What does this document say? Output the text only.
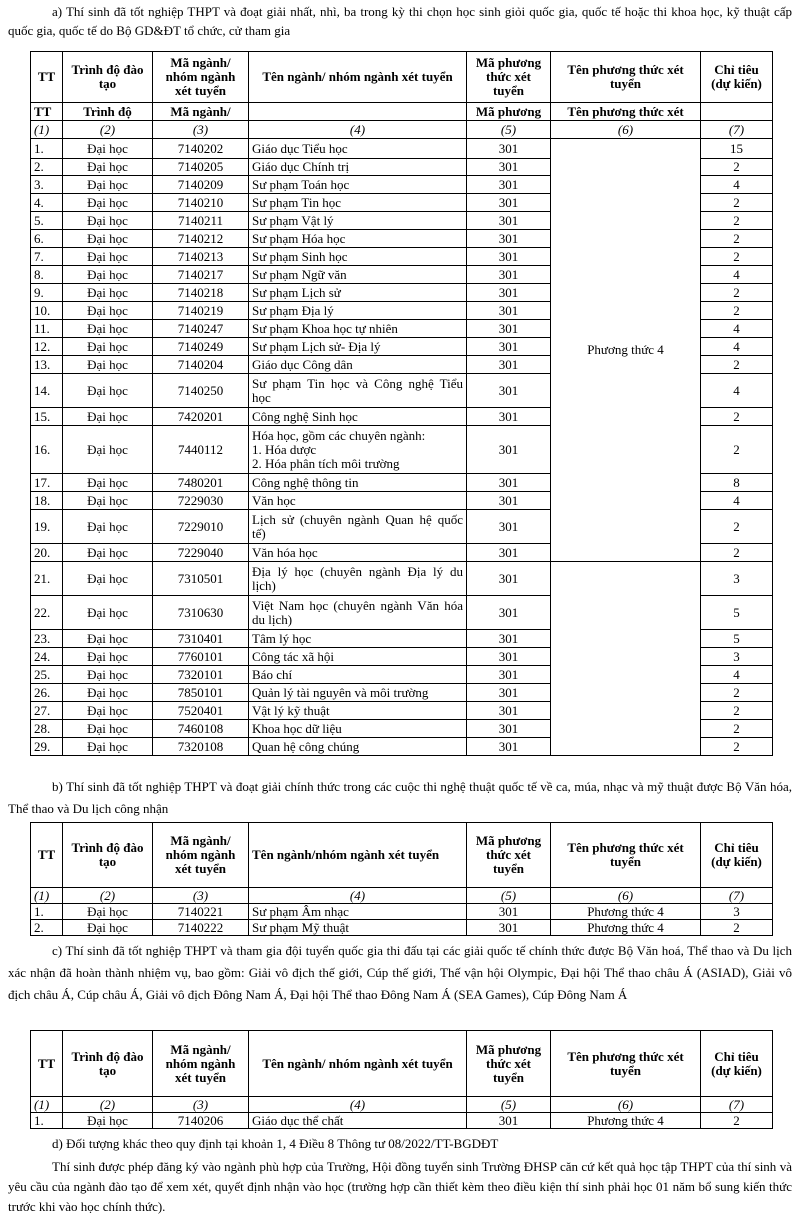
a) Thí sinh đã tốt nghiệp THPT và đoạt giải nhất, nhì, ba trong kỳ thi chọn học sinh giỏi quốc gia, quốc tế hoặc thi khoa học, kỹ thuật cấp quốc gia, quốc tế do Bộ GD&ĐT tổ chức, cử tham gia

TT	Trình độ đào tạo	Mã ngành/ nhóm ngành xét tuyển	Tên ngành/ nhóm ngành xét tuyển	Mã phương thức xét tuyển	Tên phương thức xét tuyển	Chỉ tiêu (dự kiến)
TT	Trình độ	Mã ngành/		Mã phương	Tên phương thức xét	
(1)	(2)	(3)	(4)	(5)	(6)	(7)
1.	Đại học	7140202	Giáo dục Tiểu học	301	Phương thức 4	15
2.	Đại học	7140205	Giáo dục Chính trị	301		2
3.	Đại học	7140209	Sư phạm Toán học	301		4
4.	Đại học	7140210	Sư phạm Tin học	301		2
5.	Đại học	7140211	Sư phạm Vật lý	301		2
6.	Đại học	7140212	Sư phạm Hóa học	301		2
7.	Đại học	7140213	Sư phạm Sinh học	301		2
8.	Đại học	7140217	Sư phạm Ngữ văn	301		4
9.	Đại học	7140218	Sư phạm Lịch sử	301		2
10.	Đại học	7140219	Sư phạm Địa lý	301		2
11.	Đại học	7140247	Sư phạm Khoa học tự nhiên	301		4
12.	Đại học	7140249	Sư phạm Lịch sử- Địa lý	301		4
13.	Đại học	7140204	Giáo dục Công dân	301		2
14.	Đại học	7140250	Sư phạm Tin học và Công nghệ Tiểu học	301		4
15.	Đại học	7420201	Công nghệ Sinh học	301		2
16.	Đại học	7440112	Hóa học, gồm các chuyên ngành:
1. Hóa dược
2. Hóa phân tích môi trường	301		2
17.	Đại học	7480201	Công nghệ thông tin	301		8
18.	Đại học	7229030	Văn học	301		4
19.	Đại học	7229010	Lịch sử (chuyên ngành Quan hệ quốc tế)	301		2
20.	Đại học	7229040	Văn hóa học	301		2
21.	Đại học	7310501	Địa lý học (chuyên ngành Địa lý du lịch)	301		3
22.	Đại học	7310630	Việt Nam học (chuyên ngành Văn hóa du lịch)	301		5
23.	Đại học	7310401	Tâm lý học	301		5
24.	Đại học	7760101	Công tác xã hội	301		3
25.	Đại học	7320101	Báo chí	301		4
26.	Đại học	7850101	Quản lý tài nguyên và môi trường	301		2
27.	Đại học	7520401	Vật lý kỹ thuật	301		2
28.	Đại học	7460108	Khoa học dữ liệu	301		2
29.	Đại học	7320108	Quan hệ công chúng	301		2

b) Thí sinh đã tốt nghiệp THPT và đoạt giải chính thức trong các cuộc thi nghệ thuật quốc tế về ca, múa, nhạc và mỹ thuật được Bộ Văn hóa, Thể thao và Du lịch công nhận

TT	Trình độ đào tạo	Mã ngành/ nhóm ngành xét tuyển	Tên ngành/nhóm ngành xét tuyển	Mã phương thức xét tuyển	Tên phương thức xét tuyển	Chỉ tiêu (dự kiến)
(1)	(2)	(3)	(4)	(5)	(6)	(7)
1.	Đại học	7140221	Sư phạm Âm nhạc	301	Phương thức 4	3
2.	Đại học	7140222	Sư phạm Mỹ thuật	301	Phương thức 4	2

c) Thí sinh đã tốt nghiệp THPT và tham gia đội tuyển quốc gia thi đấu tại các giải quốc tế chính thức được Bộ Văn hoá, Thể thao và Du lịch xác nhận đã hoàn thành nhiệm vụ, bao gồm: Giải vô địch thế giới, Cúp thế giới, Thế vận hội Olympic, Đại hội Thể thao châu Á (ASIAD), Giải vô địch châu Á, Cúp châu Á, Giải vô địch Đông Nam Á, Đại hội Thể thao Đông Nam Á (SEA Games), Cúp Đông Nam Á

TT	Trình độ đào tạo	Mã ngành/ nhóm ngành xét tuyển	Tên ngành/ nhóm ngành xét tuyển	Mã phương thức xét tuyển	Tên phương thức xét tuyển	Chỉ tiêu (dự kiến)
(1)	(2)	(3)	(4)	(5)	(6)	(7)
1.	Đại học	7140206	Giáo dục thể chất	301	Phương thức 4	2

d) Đối tượng khác theo quy định tại khoản 1, 4 Điều 8 Thông tư 08/2022/TT-BGDĐT

Thí sinh được phép đăng ký vào ngành phù hợp của Trường, Hội đồng tuyển sinh Trường ĐHSP căn cứ kết quả học tập THPT của thí sinh và yêu cầu của ngành đào tạo để xem xét, quyết định nhận vào học (trường hợp cần thiết kèm theo điều kiện thí sinh phải học 01 năm bổ sung kiến thức trước khi vào học chính thức).
